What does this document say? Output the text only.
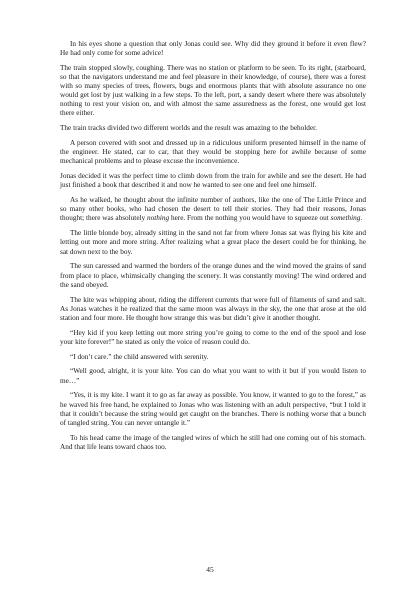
In his eyes shone a question that only Jonas could see. Why did they ground it before it even flew? He had only come for some advice!

The train stopped slowly, coughing. There was no station or platform to be seen. To its right, (starboard, so that the navigators understand me and feel pleasure in their knowledge, of course), there was a forest with so many species of trees, flowers, bugs and enormous plants that with absolute assurance no one would get lost by just walking in a few steps. To the left, port, a sandy desert where there was absolutely nothing to rest your vision on, and with almost the same assuredness as the forest, one would get lost there either.

The train tracks divided two different worlds and the result was amazing to the beholder.

A person covered with soot and dressed up in a ridiculous uniform presented himself in the name of the engineer. He stated, car to car, that they would be stopping here for awhile because of some mechanical problems and to please excuse the inconvenience.

Jonas decided it was the perfect time to climb down from the train for awhile and see the desert. He had just finished a book that described it and now he wanted to see one and feel one himself.

As he walked, he thought about the infinite number of authors, like the one of The Little Prince and so many other books, who had chosen the desert to tell their stories. They had their reasons, Jonas thought; there was absolutely nothing here. From the nothing you would have to squeeze out something.

The little blonde boy, already sitting in the sand not far from where Jonas sat was flying his kite and letting out more and more string. After realizing what a great place the desert could be for thinking, he sat down next to the boy.

The sun caressed and warmed the borders of the orange dunes and the wind moved the grains of sand from place to place, whimsically changing the scenery. It was constantly moving! The wind ordered and the sand obeyed.

The kite was whipping about, riding the different currents that were full of filaments of sand and salt. As Jonas watches it he realized that the same moon was always in the sky, the one that arose at the old station and four more. He thought how strange this was but didn’t give it another thought.

“Hey kid if you keep letting out more string you’re going to come to the end of the spool and lose your kite forever!” he stated as only the voice of reason could do.

“I don’t care.” the child answered with serenity.

“Well good, alright, it is your kite. You can do what you want to with it but if you would listen to me…”

“Yes, it is my kite. I want it to go as far away as possible. You know, it wanted to go to the forest,” as he waved his free hand, he explained to Jonas who was listening with an adult perspective, “but I told it that it couldn’t because the string would get caught on the branches. There is nothing worse that a bunch of tangled string. You can never untangle it.”

To his head came the image of the tangled wires of which he still had one coming out of his stomach. And that life leans toward chaos too.

45
